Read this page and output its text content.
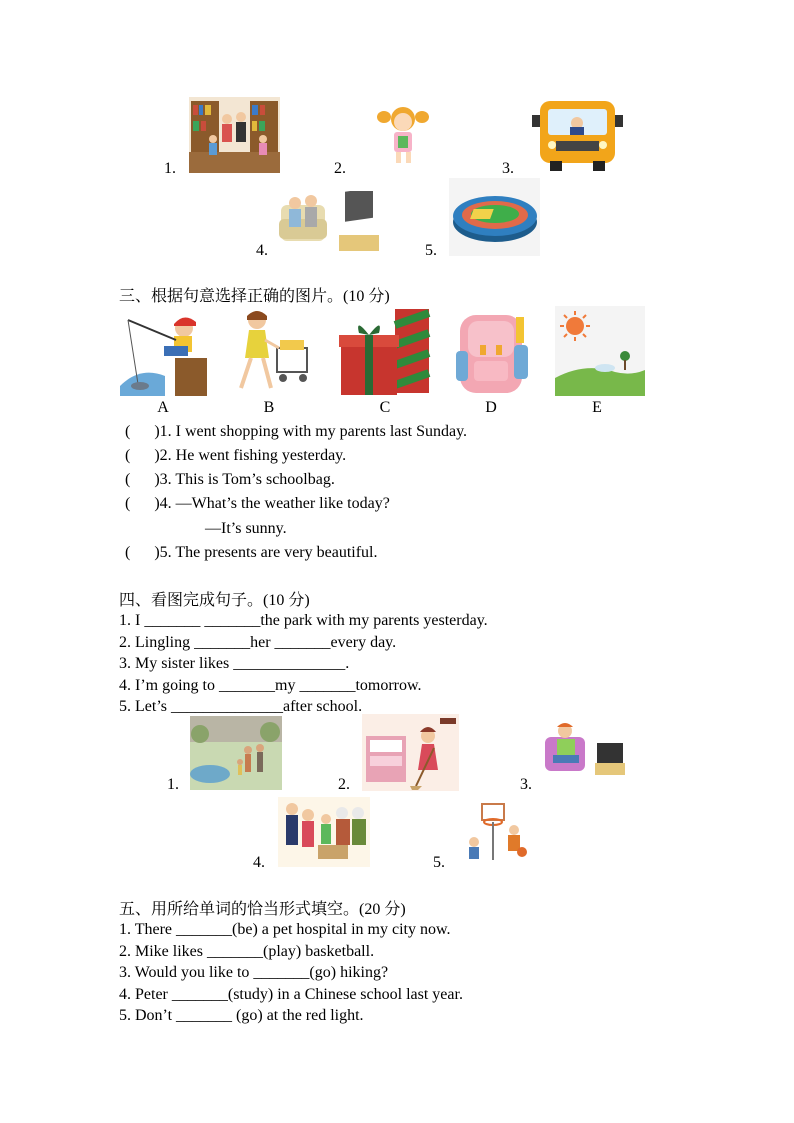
1.	2.	3.
4.	5.
三、根据句意选择正确的图片。(10 分)
A	B	C	D	E
(      )1. I went shopping with my parents last Sunday.
(      )2. He went fishing yesterday.
(      )3. This is Tom’s schoolbag.
(      )4. —What’s the weather like today?
—It’s sunny.
(      )5. The presents are very beautiful.
四、看图完成句子。(10 分)
1. I _______ _______the park with my parents yesterday.
2. Lingling _______her _______every day.
3. My sister likes ______________.
4. I’m going to _______my _______tomorrow.
5. Let’s ______________after school.
1.	2.	3.
4.	5.
五、用所给单词的恰当形式填空。(20 分)
1. There _______(be) a pet hospital in my city now.
2. Mike likes _______(play) basketball.
3. Would you like to _______(go) hiking?
4. Peter _______(study) in a Chinese school last year.
5. Don’t _______ (go) at the red light.
